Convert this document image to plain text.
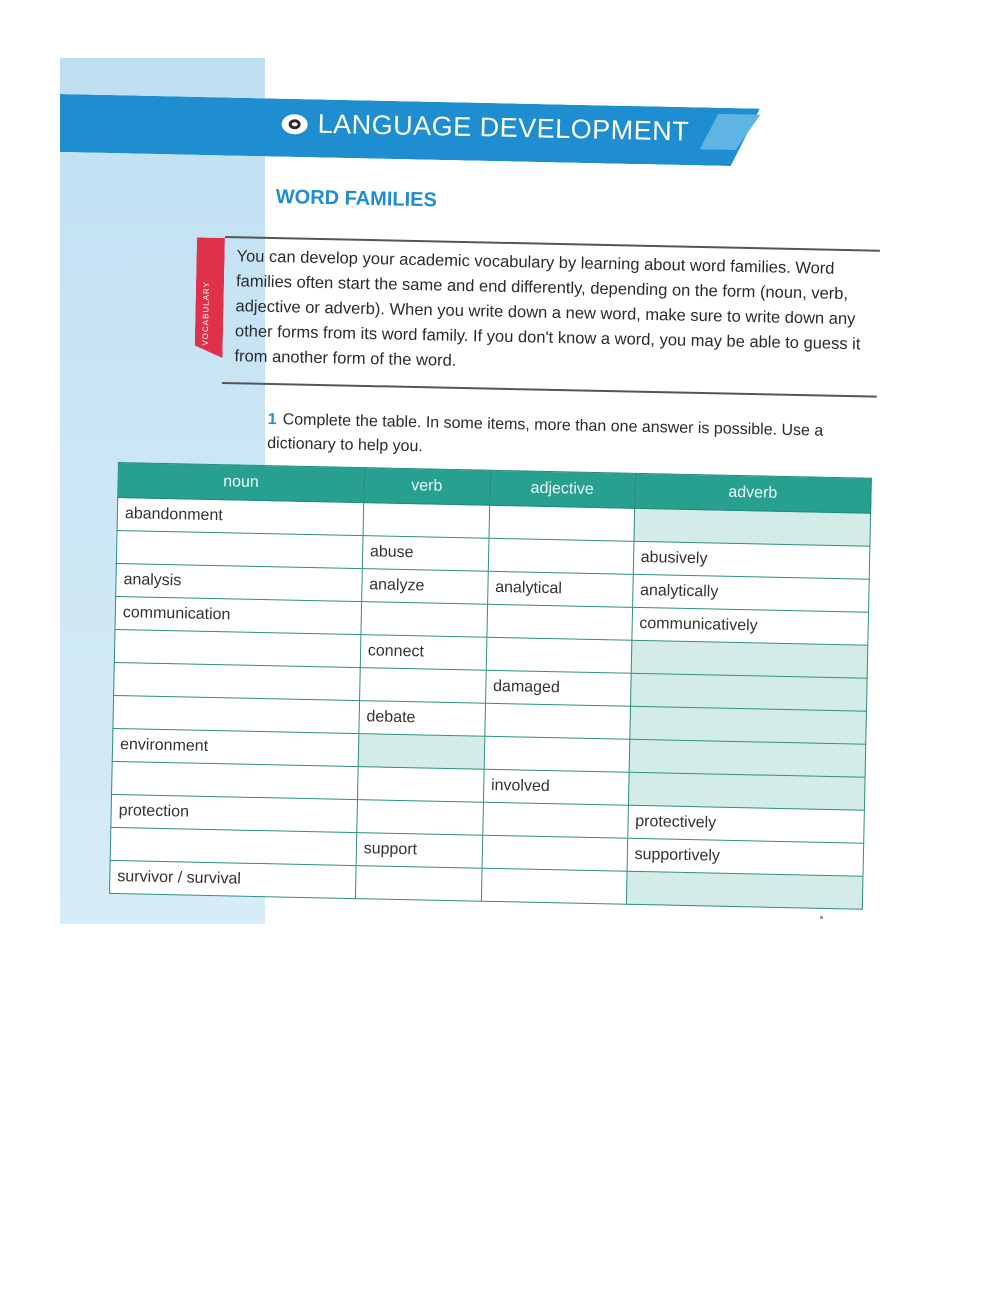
LANGUAGE DEVELOPMENT
WORD FAMILIES
VOCABULARY
You can develop your academic vocabulary by learning about word families. Word families often start the same and end differently, depending on the form (noun, verb, adjective or adverb). When you write down a new word, make sure to write down any other forms from its word family. If you don't know a word, you may be able to guess it from another form of the word.
1 Complete the table. In some items, more than one answer is possible. Use a dictionary to help you.
noun	verb	adjective	adverb
abandonment			
	abuse		abusively
analysis	analyze	analytical	analytically
communication			communicatively
	connect		
		damaged	
	debate		
environment			
		involved	
protection			protectively
	support		supportively
survivor / survival			
